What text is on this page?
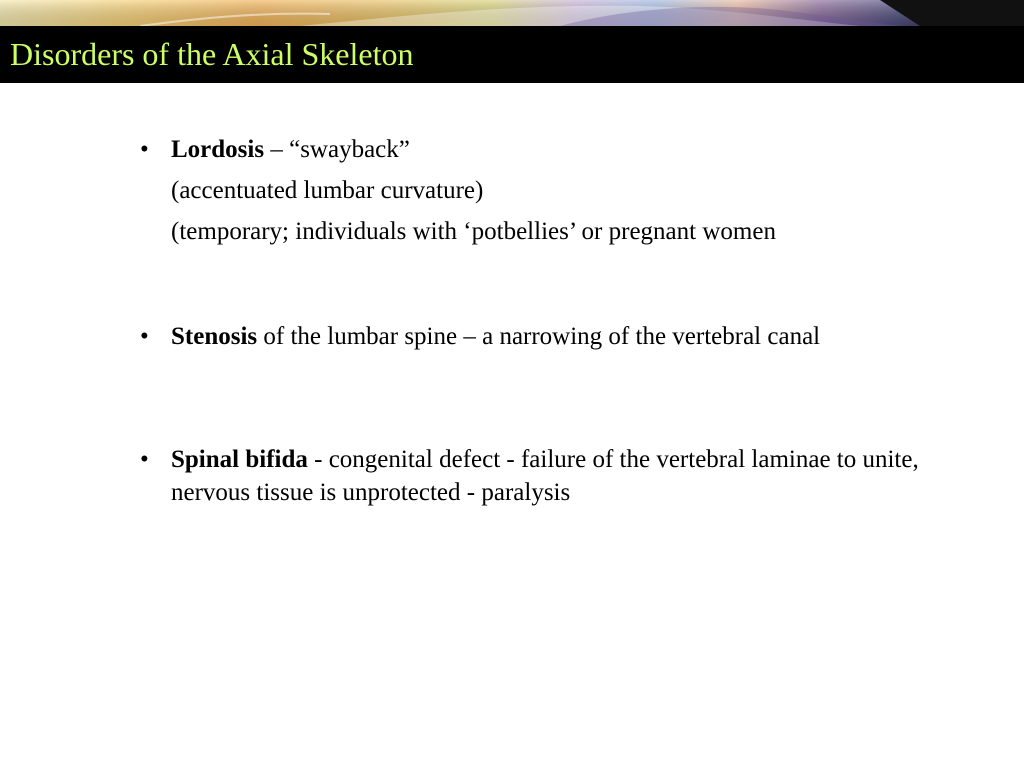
Disorders of the Axial Skeleton
• Lordosis – “swayback”
(accentuated lumbar curvature)
(temporary; individuals with ‘potbellies’ or pregnant women
• Stenosis of the lumbar spine – a narrowing of the vertebral canal
• Spinal bifida - congenital defect - failure of the vertebral laminae to unite, nervous tissue is unprotected - paralysis
